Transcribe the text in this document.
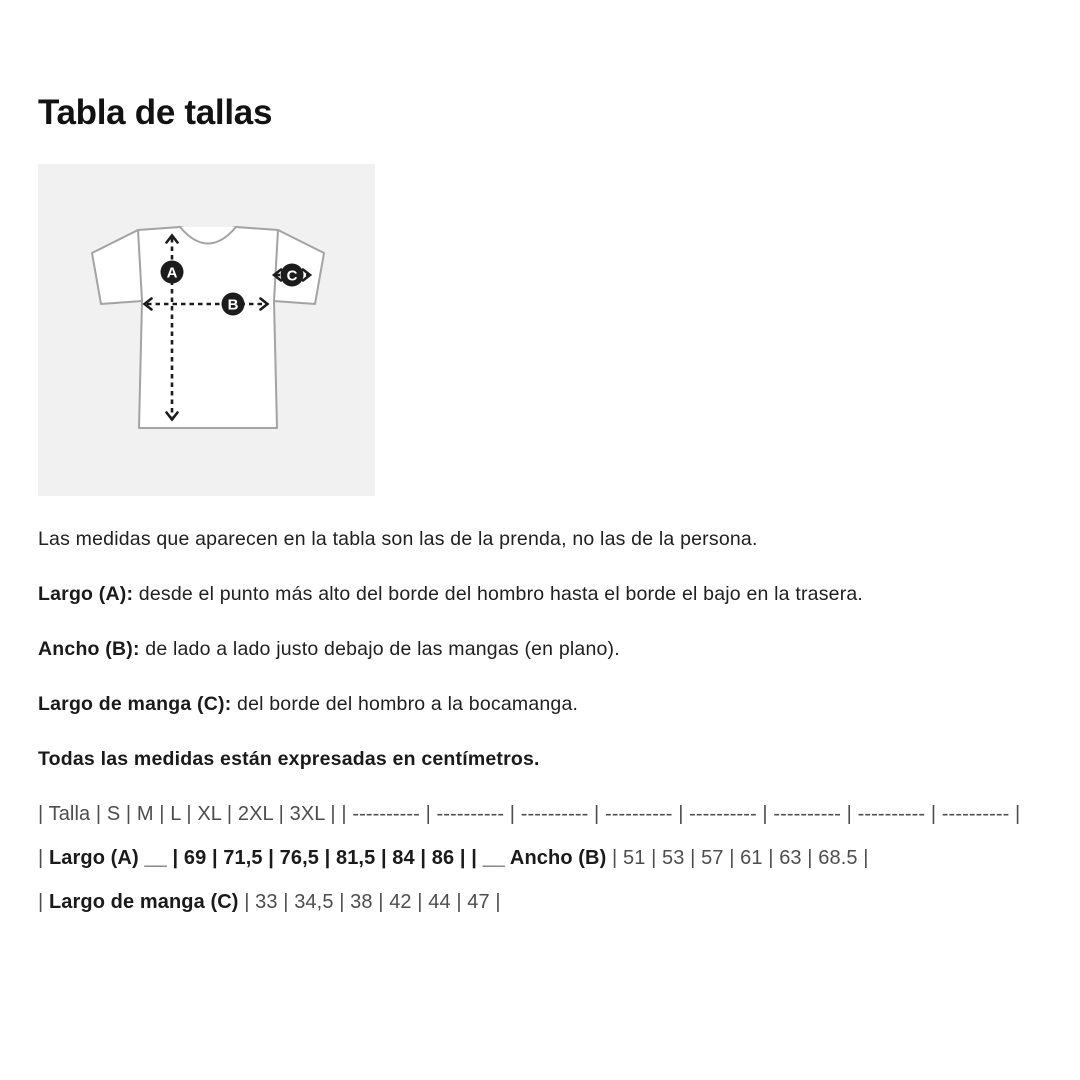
Tabla de tallas
A
B
C

Las medidas que aparecen en la tabla son las de la prenda, no las de la persona.

Largo (A): desde el punto más alto del borde del hombro hasta el borde el bajo en la trasera.

Ancho (B): de lado a lado justo debajo de las mangas (en plano).

Largo de manga (C): del borde del hombro a la bocamanga.

Todas las medidas están expresadas en centímetros.

| Talla | S | M | L | XL | 2XL | 3XL | | ---------- | ---------- | ---------- | ---------- | ---------- | ---------- | ---------- | ---------- |

| Largo (A) __ | 69 | 71,5 | 76,5 | 81,5 | 84 | 86 | | __ Ancho (B) | 51 | 53 | 57 | 61 | 63 | 68.5 |

| Largo de manga (C) | 33 | 34,5 | 38 | 42 | 44 | 47 |
